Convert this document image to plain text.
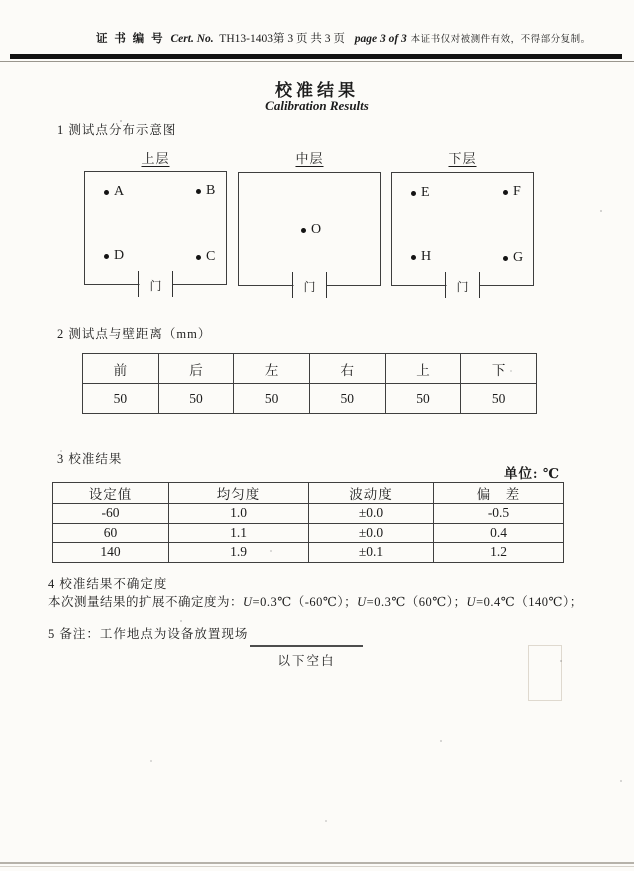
证 书 编 号 Cert. No. TH13-1403第 3 页 共 3 页 page 3 of 3 本证书仅对被测件有效，不得部分复制。
校准结果
Calibration Results
1 测试点分布示意图
上层
A	B
D	C
门
中层
O
门
下层
E	F
H	G
门
2 测试点与壁距离（mm）
前	后	左	右	上	下
50	50	50	50	50	50
3 校准结果
单位: ℃
设定值	均匀度	波动度	偏　差
-60	1.0	±0.0	-0.5
60	1.1	±0.0	0.4
140	1.9	±0.1	1.2
4 校准结果不确定度
本次测量结果的扩展不确定度为：U=0.3℃（-60℃）；U=0.3℃（60℃）；U=0.4℃（140℃）；
5 备注：工作地点为设备放置现场
以下空白
